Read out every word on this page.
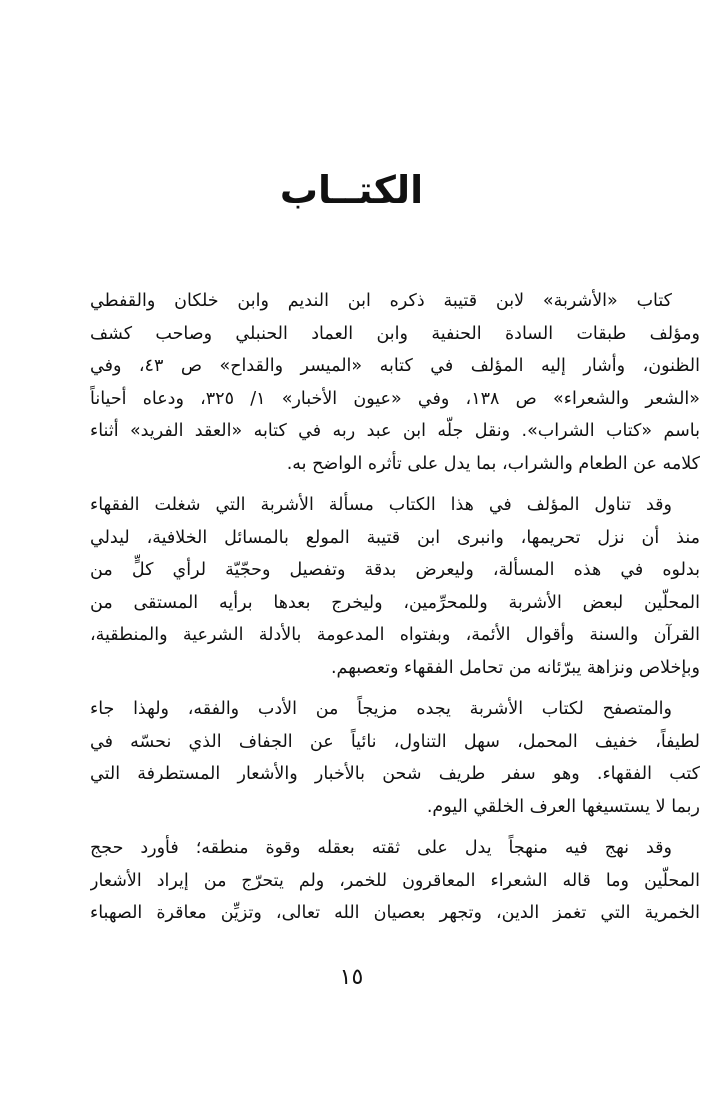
الكتــاب

كتاب «الأشربة» لابن قتيبة ذكره ابن النديم وابن خلكان والقفطي
ومؤلف طبقات السادة الحنفية وابن العماد الحنبلي وصاحب كشف
الظنون، وأشار إليه المؤلف في كتابه «الميسر والقداح» ص ٤٣، وفي
«الشعر والشعراء» ص ١٣٨، وفي «عيون الأخبار» ١/ ٣٢٥، ودعاه أحياناً
باسم «كتاب الشراب». ونقل جلّه ابن عبد ربه في كتابه «العقد الفريد» أثناء
كلامه عن الطعام والشراب، بما يدل على تأثره الواضح به.

وقد تناول المؤلف في هذا الكتاب مسألة الأشربة التي شغلت الفقهاء
منذ أن نزل تحريمها، وانبرى ابن قتيبة المولع بالمسائل الخلافية، ليدلي
بدلوه في هذه المسألة، وليعرض بدقة وتفصيل وحجّيّة لرأي كلٍّ من
المحلّين لبعض الأشربة وللمحرِّمين، وليخرج بعدها برأيه المستقى من
القرآن والسنة وأقوال الأئمة، وبفتواه المدعومة بالأدلة الشرعية والمنطقية،
وبإخلاص ونزاهة يبرّئانه من تحامل الفقهاء وتعصبهم.

والمتصفح لكتاب الأشربة يجده مزيجاً من الأدب والفقه، ولهذا جاء
لطيفاً، خفيف المحمل، سهل التناول، نائياً عن الجفاف الذي نحسّه في
كتب الفقهاء. وهو سفر طريف شحن بالأخبار والأشعار المستطرفة التي
ربما لا يستسيغها العرف الخلقي اليوم.

وقد نهج فيه منهجاً يدل على ثقته بعقله وقوة منطقه؛ فأورد حجج
المحلّين وما قاله الشعراء المعاقرون للخمر، ولم يتحرّج من إيراد الأشعار
الخمرية التي تغمز الدين، وتجهر بعصيان الله تعالى، وتزيِّن معاقرة الصهباء

١٥
